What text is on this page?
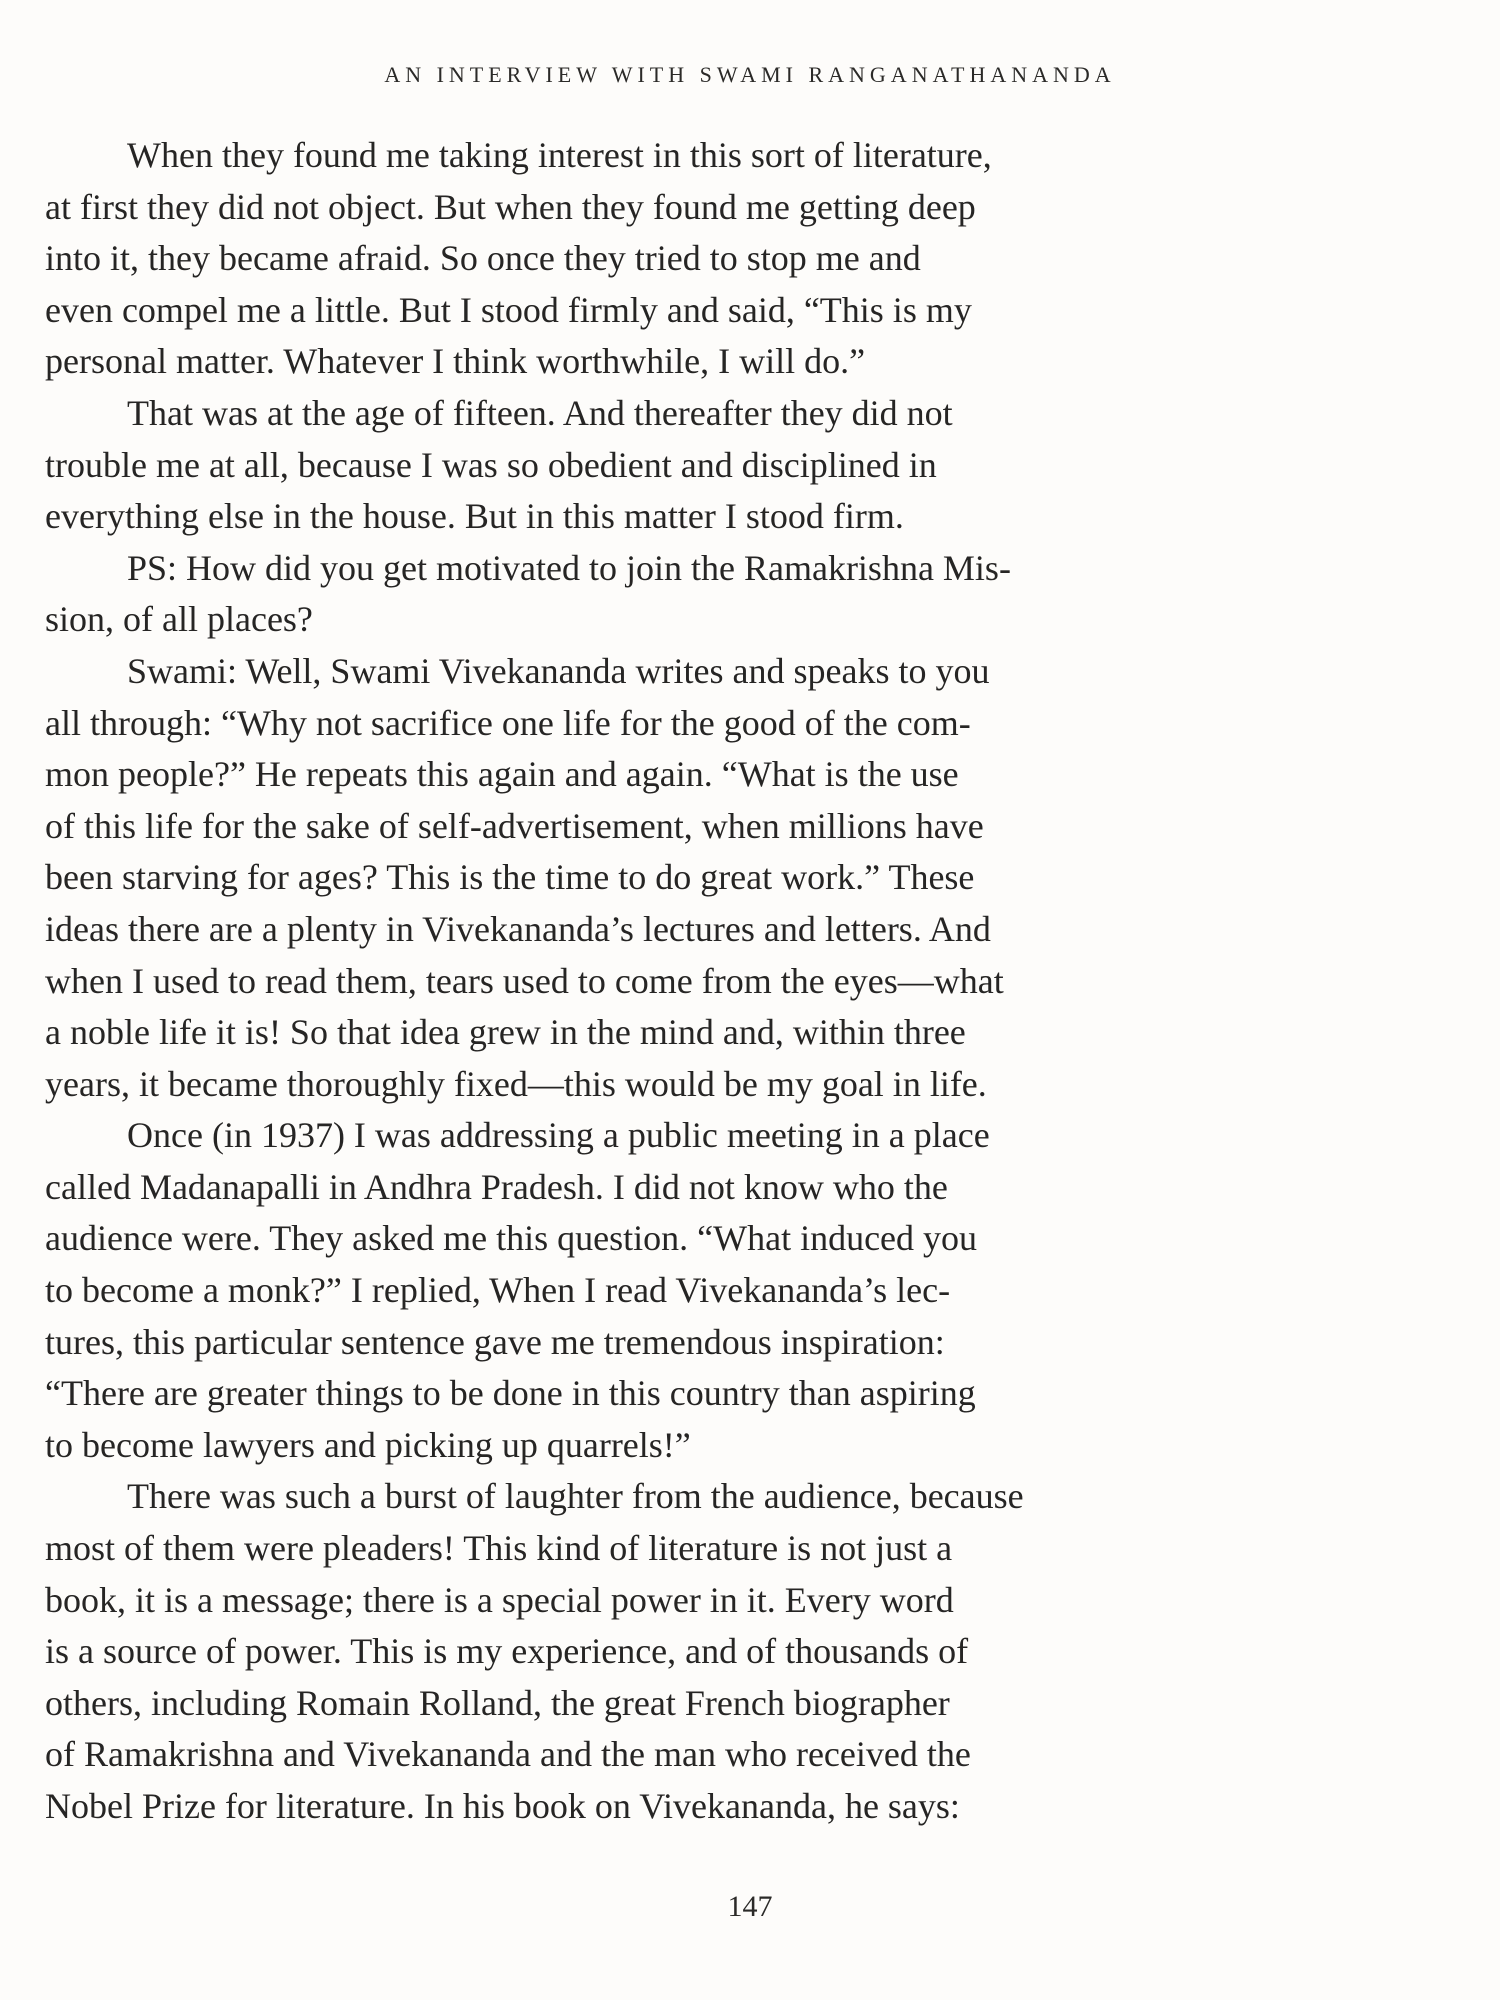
AN INTERVIEW WITH SWAMI RANGANATHANANDA

When they found me taking interest in this sort of literature,
at first they did not object. But when they found me getting deep
into it, they became afraid. So once they tried to stop me and
even compel me a little. But I stood firmly and said, “This is my
personal matter. Whatever I think worthwhile, I will do.”

That was at the age of fifteen. And thereafter they did not
trouble me at all, because I was so obedient and disciplined in
everything else in the house. But in this matter I stood firm.

PS: How did you get motivated to join the Ramakrishna Mis-
sion, of all places?

Swami: Well, Swami Vivekananda writes and speaks to you
all through: “Why not sacrifice one life for the good of the com-
mon people?” He repeats this again and again. “What is the use
of this life for the sake of self-advertisement, when millions have
been starving for ages? This is the time to do great work.” These
ideas there are a plenty in Vivekananda’s lectures and letters. And
when I used to read them, tears used to come from the eyes—what
a noble life it is! So that idea grew in the mind and, within three
years, it became thoroughly fixed—this would be my goal in life.

Once (in 1937) I was addressing a public meeting in a place
called Madanapalli in Andhra Pradesh. I did not know who the
audience were. They asked me this question. “What induced you
to become a monk?” I replied, When I read Vivekananda’s lec-
tures, this particular sentence gave me tremendous inspiration:
“There are greater things to be done in this country than aspiring
to become lawyers and picking up quarrels!”

There was such a burst of laughter from the audience, because
most of them were pleaders! This kind of literature is not just a
book, it is a message; there is a special power in it. Every word
is a source of power. This is my experience, and of thousands of
others, including Romain Rolland, the great French biographer
of Ramakrishna and Vivekananda and the man who received the
Nobel Prize for literature. In his book on Vivekananda, he says:

147
